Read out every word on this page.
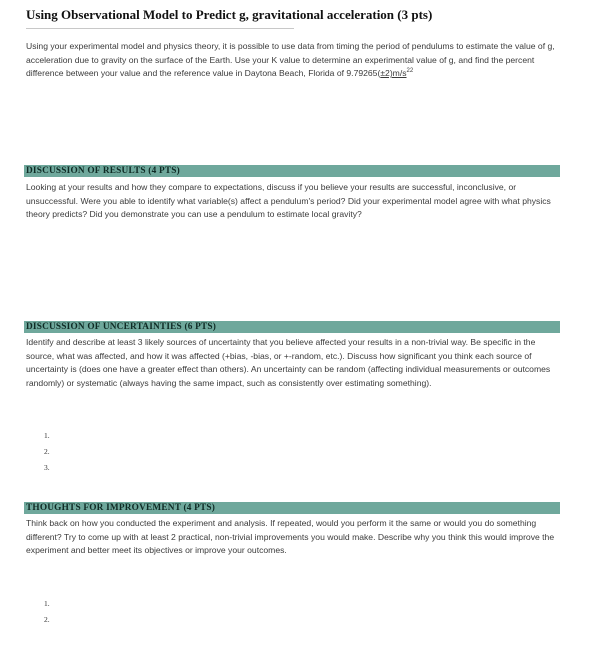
Using Observational Model to Predict g, gravitational acceleration (3 pts)
Using your experimental model and physics theory, it is possible to use data from timing the period of pendulums to estimate the value of g, acceleration due to gravity on the surface of the Earth. Use your K value to determine an experimental value of g, and find the percent difference between your value and the reference value in Daytona Beach, Florida of $9.79265(\pm 2)m/s^{22}$
DISCUSSION OF RESULTS (4 PTS)
Looking at your results and how they compare to expectations, discuss if you believe your results are successful, inconclusive, or unsuccessful. Were you able to identify what variable(s) affect a pendulum's period? Did your experimental model agree with what physics theory predicts? Did you demonstrate you can use a pendulum to estimate local gravity?
DISCUSSION OF UNCERTAINTIES (6 PTS)
Identify and describe at least 3 likely sources of uncertainty that you believe affected your results in a non-trivial way. Be specific in the source, what was affected, and how it was affected (+bias, -bias, or +-random, etc.). Discuss how significant you think each source of uncertainty is (does one have a greater effect than others). An uncertainty can be random (affecting individual measurements or outcomes randomly) or systematic (always having the same impact, such as consistently over estimating something).
1.
2.
3.
THOUGHTS FOR IMPROVEMENT (4 PTS)
Think back on how you conducted the experiment and analysis. If repeated, would you perform it the same or would you do something different? Try to come up with at least 2 practical, non-trivial improvements you would make. Describe why you think this would improve the experiment and better meet its objectives or improve your outcomes.
1.
2.
